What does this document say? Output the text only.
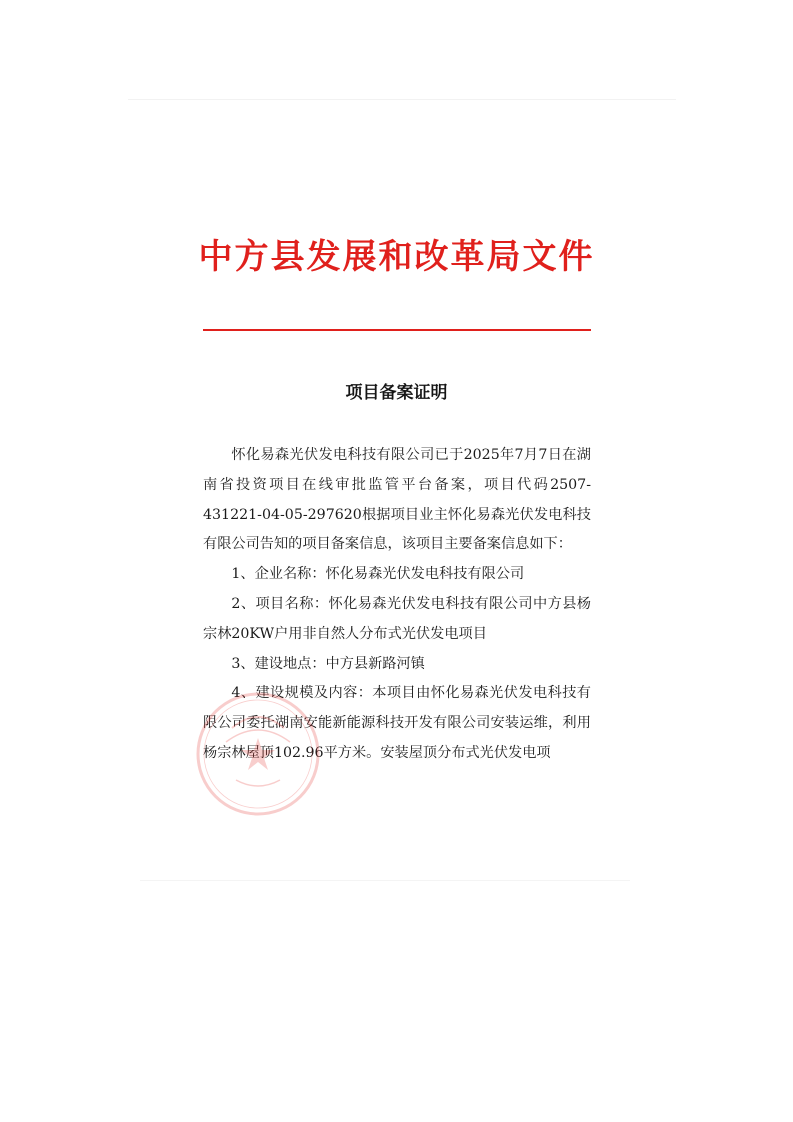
中方县发展和改革局文件
项目备案证明

怀化易森光伏发电科技有限公司已于2025年7月7日在湖南省投资项目在线审批监管平台备案，项目代码2507-431221-04-05-297620根据项目业主怀化易森光伏发电科技有限公司告知的项目备案信息，该项目主要备案信息如下：

1、企业名称：怀化易森光伏发电科技有限公司

2、项目名称：怀化易森光伏发电科技有限公司中方县杨宗林20KW户用非自然人分布式光伏发电项目

3、建设地点：中方县新路河镇

4、建设规模及内容：本项目由怀化易森光伏发电科技有限公司委托湖南安能新能源科技开发有限公司安装运维，利用杨宗林屋顶102.96平方米。安装屋顶分布式光伏发电项
